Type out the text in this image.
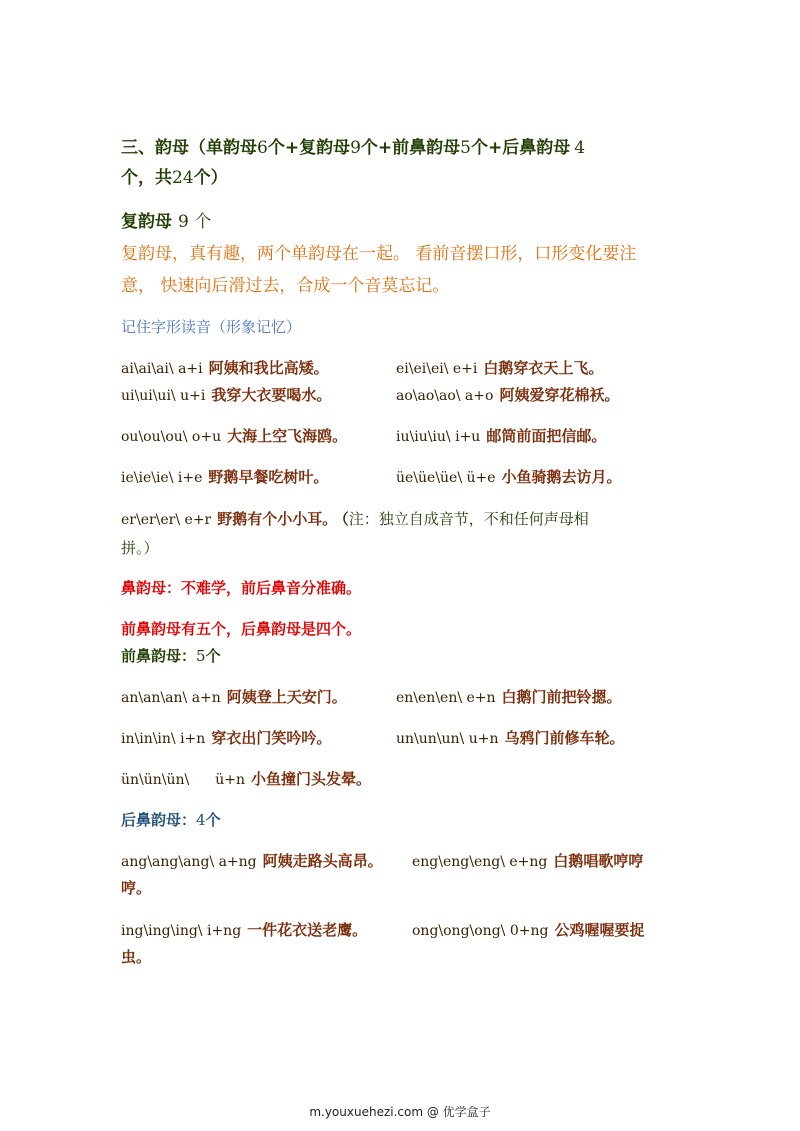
三、韵母（单韵母6个+复韵母9个+前鼻韵母5个+后鼻韵母 4
个，共24个）
复韵母 9 个
复韵母，真有趣，两个单韵母在一起。 看前音摆口形，口形变化要注
意， 快速向后滑过去，合成一个音莫忘记。
记住字形读音（形象记忆）
ai\ai\ai\ a+i 阿姨和我比高矮。	ei\ei\ei\ e+i 白鹅穿衣天上飞。
ui\ui\ui\ u+i 我穿大衣要喝水。	ao\ao\ao\ a+o 阿姨爱穿花棉袄。
ou\ou\ou\ o+u 大海上空飞海鸥。	iu\iu\iu\ i+u 邮筒前面把信邮。
ie\ie\ie\ i+e 野鹅早餐吃树叶。	üe\üe\üe\ ü+e 小鱼骑鹅去访月。
er\er\er\ e+r 野鹅有个小小耳。 （注：独立自成音节，不和任何声母相
拼。）
鼻韵母：不难学，前后鼻音分准确。
前鼻韵母有五个，后鼻韵母是四个。
前鼻韵母：5个
an\an\an\ a+n 阿姨登上天安门。	en\en\en\ e+n 白鹅门前把铃摁。
in\in\in\ i+n 穿衣出门笑吟吟。	un\un\un\ u+n 乌鸦门前修车轮。
ün\ün\ün\ ü+n 小鱼撞门头发晕。
后鼻韵母：4个
ang\ang\ang\ a+ng 阿姨走路头高昂。 eng\eng\eng\ e+ng 白鹅唱歌哼哼
哼。
ing\ing\ing\ i+ng 一件花衣送老鹰。	ong\ong\ong\ 0+ng 公鸡喔喔要捉
虫。
m.youxuehezi.com @ 优学盒子
